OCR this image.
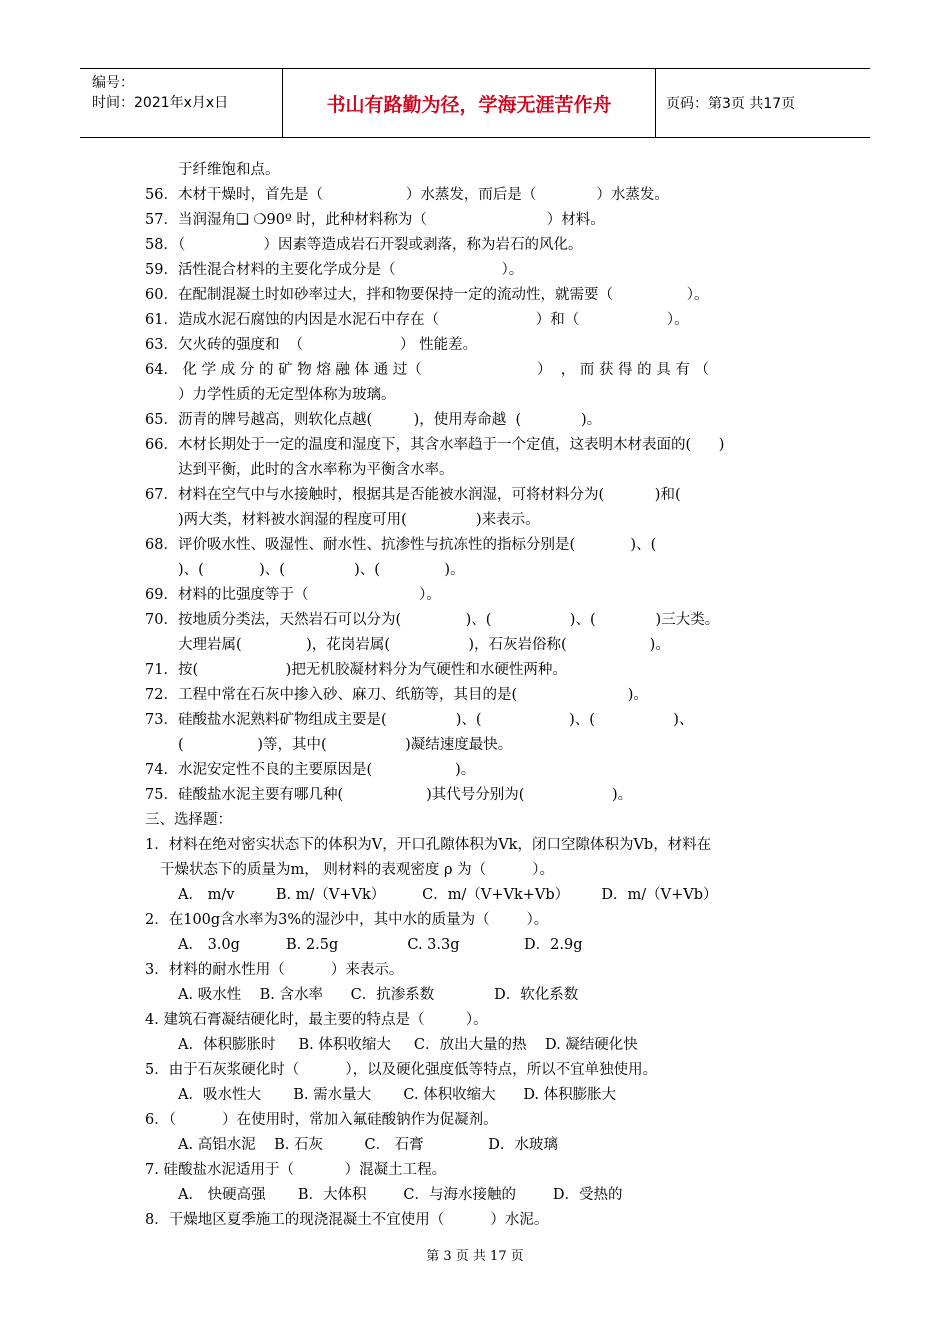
编号：
时间：2021年x月x日	书山有路勤为径，学海无涯苦作舟	页码：第3页 共17页
于纤维饱和点。
56．木材干燥时，首先是（                  ）水蒸发，而后是（             ）水蒸发。
57．当润湿角❏ ❍90º 时，此种材料称为（                          ）材料。
58．（                 ）因素等造成岩石开裂或剥落，称为岩石的风化。
59．活性混合材料的主要化学成分是（                       ）。
60．在配制混凝土时如砂率过大，拌和物要保持一定的流动性，就需要（                ）。
61．造成水泥石腐蚀的内因是水泥石中存在（                     ）和（                   ）。
63．欠火砖的强度和  （                     ） 性能差。
64． 化 学 成 分 的 矿 物 熔 融 体 通 过（                         ）  ， 而 获 得 的 具 有 （
）力学性质的无定型体称为玻璃。
65．沥青的牌号越高，则软化点越(         )，使用寿命越  (             )。
66．木材长期处于一定的温度和湿度下，其含水率趋于一个定值，这表明木材表面的(      )
达到平衡，此时的含水率称为平衡含水率。
67．材料在空气中与水接触时，根据其是否能被水润湿，可将材料分为(           )和(
)两大类，材料被水润湿的程度可用(               )来表示。
68．评价吸水性、吸湿性、耐水性、抗渗性与抗冻性的指标分别是(            )、(
)、(            )、(               )、(              )。
69．材料的比强度等于（                        ）。
70．按地质分类法，天然岩石可以分为(              )、(                 )、(             )三大类。
大理岩属(              )，花岗岩属(                 )，石灰岩俗称(                  )。
71．按(                   )把无机胶凝材料分为气硬性和水硬性两种。
72．工程中常在石灰中掺入砂、麻刀、纸筋等，其目的是(                        )。
73．硅酸盐水泥熟料矿物组成主要是(               )、(                   )、(                 )、
(                )等，其中(                 )凝结速度最快。
74．水泥安定性不良的主要原因是(                  )。
75．硅酸盐水泥主要有哪几种(                  )其代号分别为(                   )。
三、选择题：
1．材料在绝对密实状态下的体积为V，开口孔隙体积为Vk，闭口空隙体积为Vb，材料在
干燥状态下的质量为m， 则材料的表观密度 ρ 为（          ）。
A． m/v         B. m/（V+Vk）        C．m/（V+Vk+Vb）       D．m/（V+Vb）
2．在100g含水率为3%的湿沙中，其中水的质量为（        ）。
A． 3.0g          B. 2.5g               C. 3.3g              D．2.9g
3．材料的耐水性用（          ）来表示。
A. 吸水性    B. 含水率      C．抗渗系数             D．软化系数
4. 建筑石膏凝结硬化时，最主要的特点是（         ）。
A．体积膨胀时     B. 体积收缩大     C．放出大量的热    D. 凝结硬化快
5．由于石灰浆硬化时（          ），以及硬化强度低等特点，所以不宜单独使用。
A．吸水性大       B. 需水量大       C. 体积收缩大      D. 体积膨胀大
6．（          ）在使用时，常加入氟硅酸钠作为促凝剂。
A. 高铝水泥    B. 石灰         C． 石膏              D．水玻璃
7. 硅酸盐水泥适用于（           ）混凝土工程。
A． 快硬高强       B．大体积        C．与海水接触的        D．受热的
8．干燥地区夏季施工的现浇混凝土不宜使用（          ）水泥。
第 3 页 共 17 页
